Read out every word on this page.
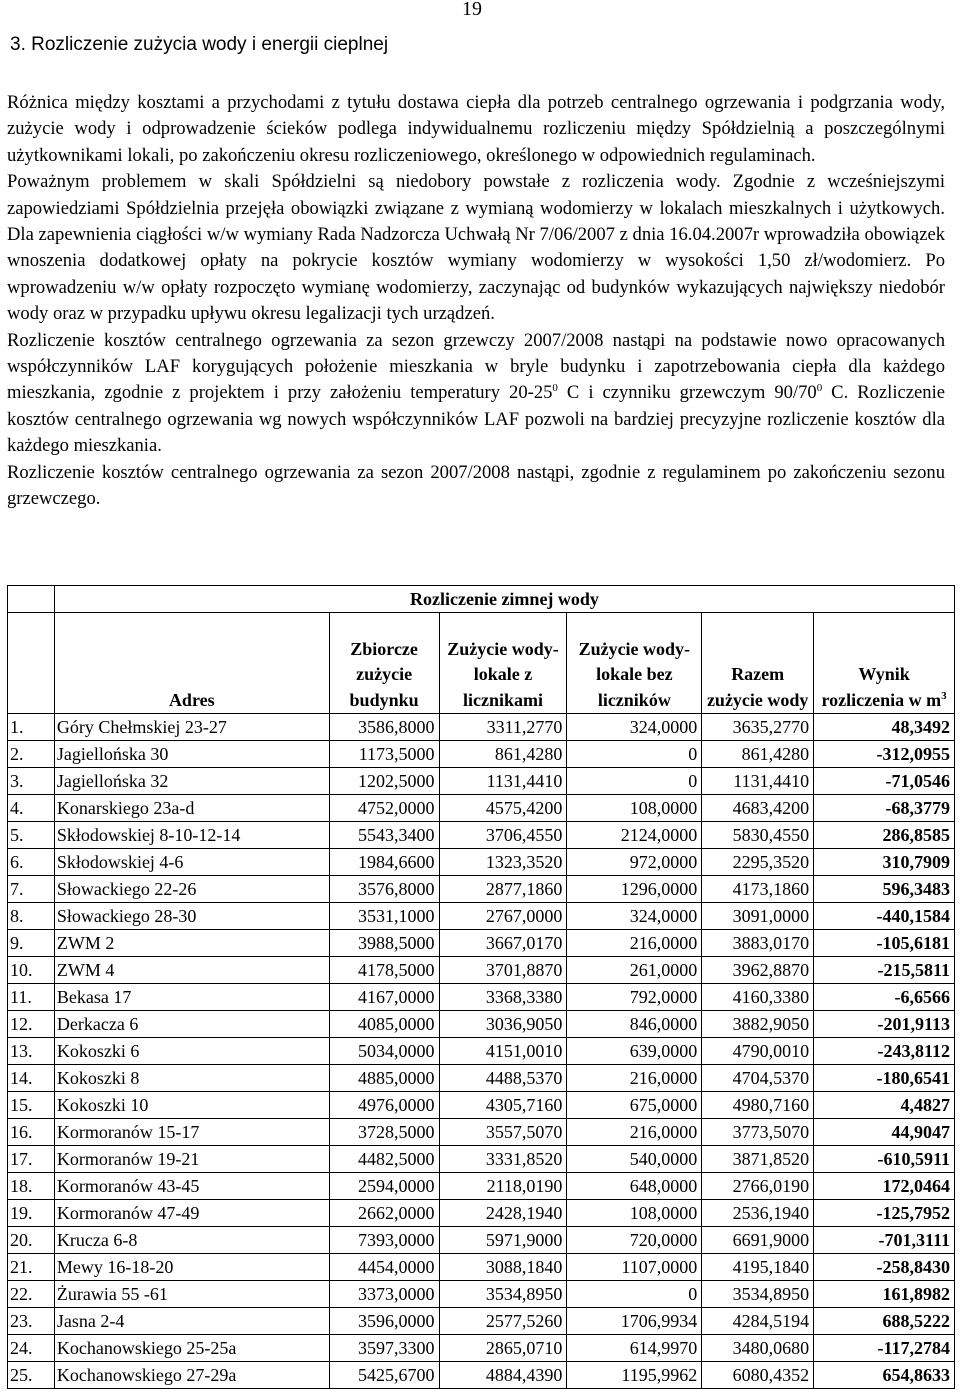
19
3. Rozliczenie zużycia wody i energii cieplnej

Różnica między kosztami a przychodami z tytułu dostawa ciepła dla potrzeb centralnego ogrzewania i podgrzania wody, zużycie wody i odprowadzenie ścieków podlega indywidualnemu rozliczeniu między Spółdzielnią a poszczególnymi użytkownikami lokali, po zakończeniu okresu rozliczeniowego, określonego w odpowiednich regulaminach.

Poważnym problemem w skali Spółdzielni są niedobory powstałe z rozliczenia wody. Zgodnie z wcześniejszymi zapowiedziami Spółdzielnia przejęła obowiązki związane z wymianą wodomierzy w lokalach mieszkalnych i użytkowych. Dla zapewnienia ciągłości w/w wymiany Rada Nadzorcza Uchwałą Nr 7/06/2007 z dnia 16.04.2007r wprowadziła obowiązek wnoszenia dodatkowej opłaty na pokrycie kosztów wymiany wodomierzy w wysokości 1,50 zł/wodomierz. Po wprowadzeniu w/w opłaty rozpoczęto wymianę wodomierzy, zaczynając od budynków wykazujących największy niedobór wody oraz w przypadku upływu okresu legalizacji tych urządzeń.

Rozliczenie kosztów centralnego ogrzewania za sezon grzewczy 2007/2008 nastąpi na podstawie nowo opracowanych współczynników LAF korygujących położenie mieszkania w bryle budynku i zapotrzebowania ciepła dla każdego mieszkania, zgodnie z projektem i przy założeniu temperatury $20-25^0$ C i czynniku grzewczym $90/70^0$ C. Rozliczenie kosztów centralnego ogrzewania wg nowych współczynników LAF pozwoli na bardziej precyzyjne rozliczenie kosztów dla każdego mieszkania.

Rozliczenie kosztów centralnego ogrzewania za sezon 2007/2008 nastąpi, zgodnie z regulaminem po zakończeniu sezonu grzewczego.

	Rozliczenie zimnej wody					
	Adres	Zbiorcze zużycie budynku	Zużycie wody-lokale z licznikami	Zużycie wody-lokale bez liczników	Razem zużycie wody	Wynik rozliczenia w $m^3$
1.	Góry Chełmskiej 23-27	3586,8000	3311,2770	324,0000	3635,2770	48,3492
2.	Jagiellońska 30	1173,5000	861,4280	0	861,4280	-312,0955
3.	Jagiellońska 32	1202,5000	1131,4410	0	1131,4410	-71,0546
4.	Konarskiego 23a-d	4752,0000	4575,4200	108,0000	4683,4200	-68,3779
5.	Skłodowskiej 8-10-12-14	5543,3400	3706,4550	2124,0000	5830,4550	286,8585
6.	Skłodowskiej 4-6	1984,6600	1323,3520	972,0000	2295,3520	310,7909
7.	Słowackiego 22-26	3576,8000	2877,1860	1296,0000	4173,1860	596,3483
8.	Słowackiego 28-30	3531,1000	2767,0000	324,0000	3091,0000	-440,1584
9.	ZWM 2	3988,5000	3667,0170	216,0000	3883,0170	-105,6181
10.	ZWM 4	4178,5000	3701,8870	261,0000	3962,8870	-215,5811
11.	Bekasa 17	4167,0000	3368,3380	792,0000	4160,3380	-6,6566
12.	Derkacza 6	4085,0000	3036,9050	846,0000	3882,9050	-201,9113
13.	Kokoszki 6	5034,0000	4151,0010	639,0000	4790,0010	-243,8112
14.	Kokoszki 8	4885,0000	4488,5370	216,0000	4704,5370	-180,6541
15.	Kokoszki 10	4976,0000	4305,7160	675,0000	4980,7160	4,4827
16.	Kormoranów 15-17	3728,5000	3557,5070	216,0000	3773,5070	44,9047
17.	Kormoranów 19-21	4482,5000	3331,8520	540,0000	3871,8520	-610,5911
18.	Kormoranów 43-45	2594,0000	2118,0190	648,0000	2766,0190	172,0464
19.	Kormoranów 47-49	2662,0000	2428,1940	108,0000	2536,1940	-125,7952
20.	Krucza 6-8	7393,0000	5971,9000	720,0000	6691,9000	-701,3111
21.	Mewy 16-18-20	4454,0000	3088,1840	1107,0000	4195,1840	-258,8430
22.	Żurawia 55 -61	3373,0000	3534,8950	0	3534,8950	161,8982
23.	Jasna 2-4	3596,0000	2577,5260	1706,9934	4284,5194	688,5222
24.	Kochanowskiego 25-25a	3597,3300	2865,0710	614,9970	3480,0680	-117,2784
25.	Kochanowskiego 27-29a	5425,6700	4884,4390	1195,9962	6080,4352	654,8633
